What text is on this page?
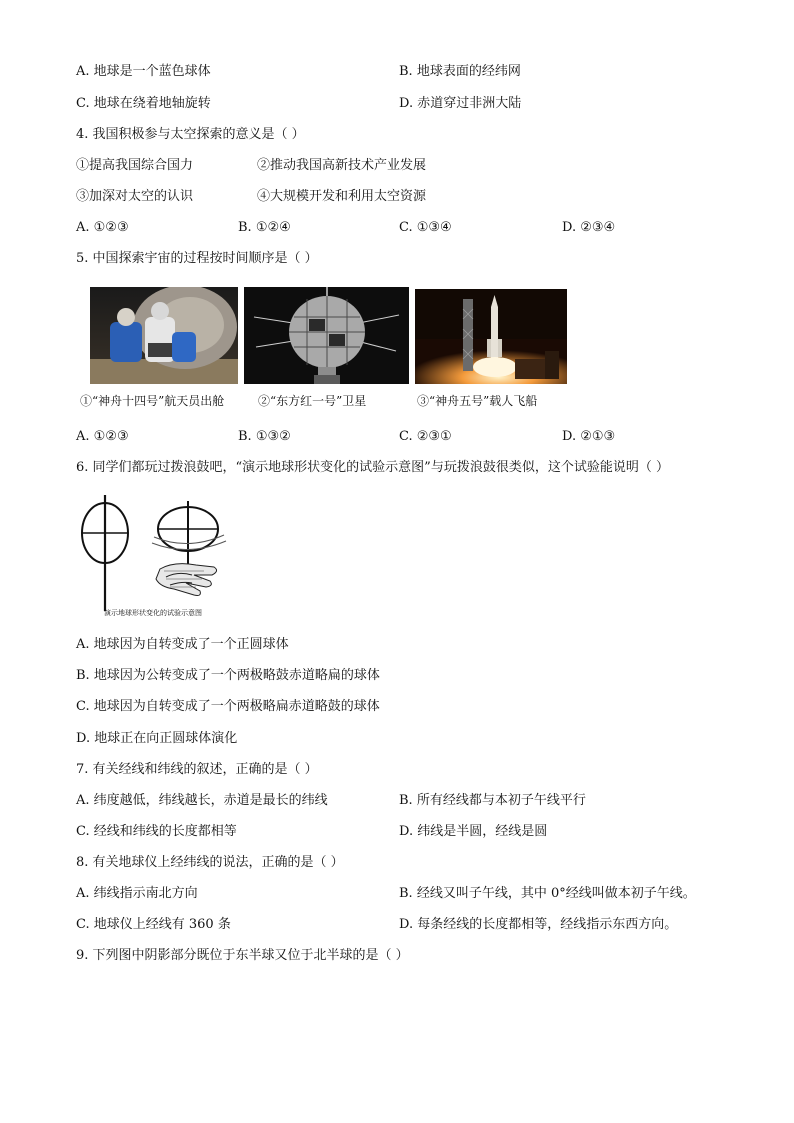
A. 地球是一个蓝色球体	B. 地球表面的经纬网
C. 地球在绕着地轴旋转	D. 赤道穿过非洲大陆
4. 我国积极参与太空探索的意义是（ ）
①提高我国综合国力	②推动我国高新技术产业发展
③加深对太空的认识	④大规模开发和利用太空资源
A. ①②③	B. ①②④	C. ①③④	D. ②③④
5. 中国探索宇宙的过程按时间顺序是（ ）
①“神舟十四号”航天员出舱	②“东方红一号”卫星	③“神舟五号”载人飞船
A. ①②③	B. ①③②	C. ②③①	D. ②①③
6. 同学们都玩过拨浪鼓吧，“演示地球形状变化的试验示意图”与玩拨浪鼓很类似，这个试验能说明（ ）
演示地球形状变化的试验示意图
A. 地球因为自转变成了一个正圆球体
B. 地球因为公转变成了一个两极略鼓赤道略扁的球体
C. 地球因为自转变成了一个两极略扁赤道略鼓的球体
D. 地球正在向正圆球体演化
7. 有关经线和纬线的叙述，正确的是（ ）
A. 纬度越低，纬线越长，赤道是最长的纬线	B. 所有经线都与本初子午线平行
C. 经线和纬线的长度都相等	D. 纬线是半圆，经线是圆
8. 有关地球仪上经纬线的说法，正确的是（ ）
A. 纬线指示南北方向	B. 经线又叫子午线，其中 0°经线叫做本初子午线。
C. 地球仪上经线有 360 条	D. 每条经线的长度都相等，经线指示东西方向。
9. 下列图中阴影部分既位于东半球又位于北半球的是（ ）
